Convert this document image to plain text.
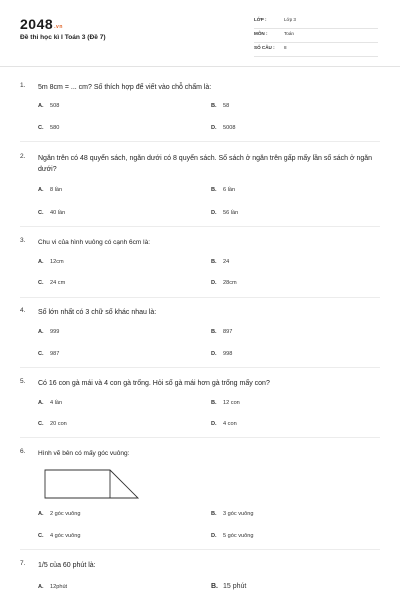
$2048^{.vn}$
Đề thi học kì I Toán 3 (Đề 7)
LỚP :	Lớp 3
MÔN :	Toán
SỐ CÂU : 8
1. 5m 8cm = ... cm? Số thích hợp để viết vào chỗ chấm là:
A. 508	B. 58
C. 580	D. 5008
2. Ngăn trên có 48 quyển sách, ngăn dưới có 8 quyển sách. Số sách ở ngăn trên gấp mấy lần số sách ở ngăn dưới?
A. 8 lần	B. 6 lần
C. 40 lần	D. 56 lần
3. Chu vi của hình vuông có cạnh 6cm là:
A. 12cm	B. 24
C. 24 cm	D. 28cm
4. Số lớn nhất có 3 chữ số khác nhau là:
A. 999	B. 897
C. 987	D. 998
5. Có 16 con gà mái và 4 con gà trống. Hỏi số gà mái hơn gà trống mấy con?
A. 4 lần	B. 12 con
C. 20 con	D. 4 con
6. Hình vẽ bên có mấy góc vuông:
A. 2 góc vuông	B. 3 góc vuông
C. 4 góc vuông	D. 5 góc vuông
7. 1/5 của 60 phút là:
A. 12phút	B. 15 phút
